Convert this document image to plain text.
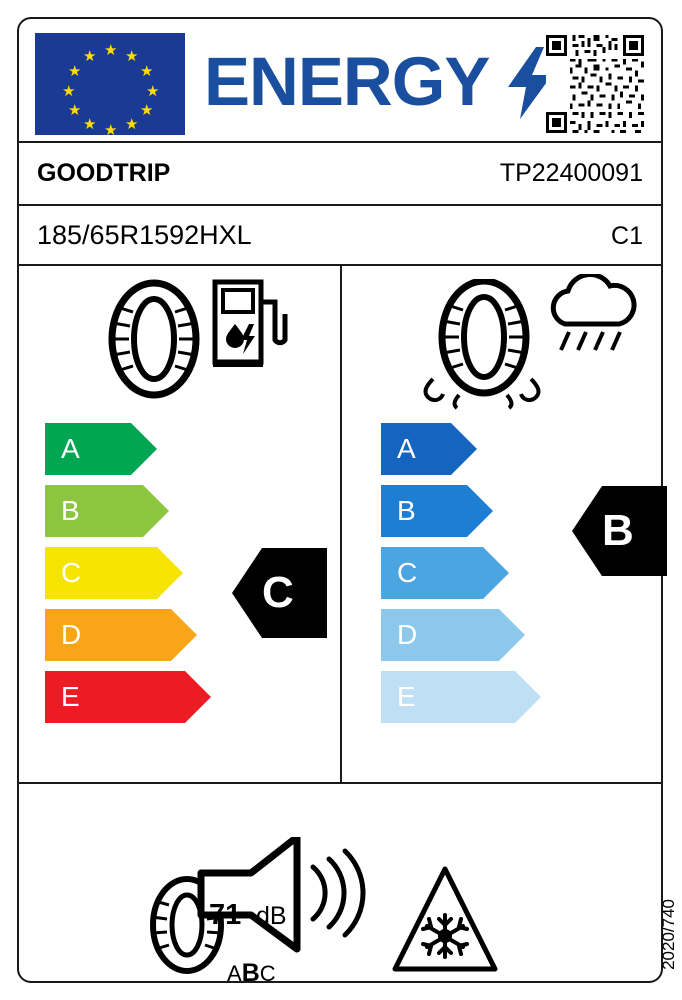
★
★ ★
★	★
★	★
★	★
★ ★
★
ENERGY
GOODTRIP	TP22400091
185/65R1592HXL	C1
A
B
C
D
E
C
A
B
C
D
E
B
71 dB
ABC
2020/740
